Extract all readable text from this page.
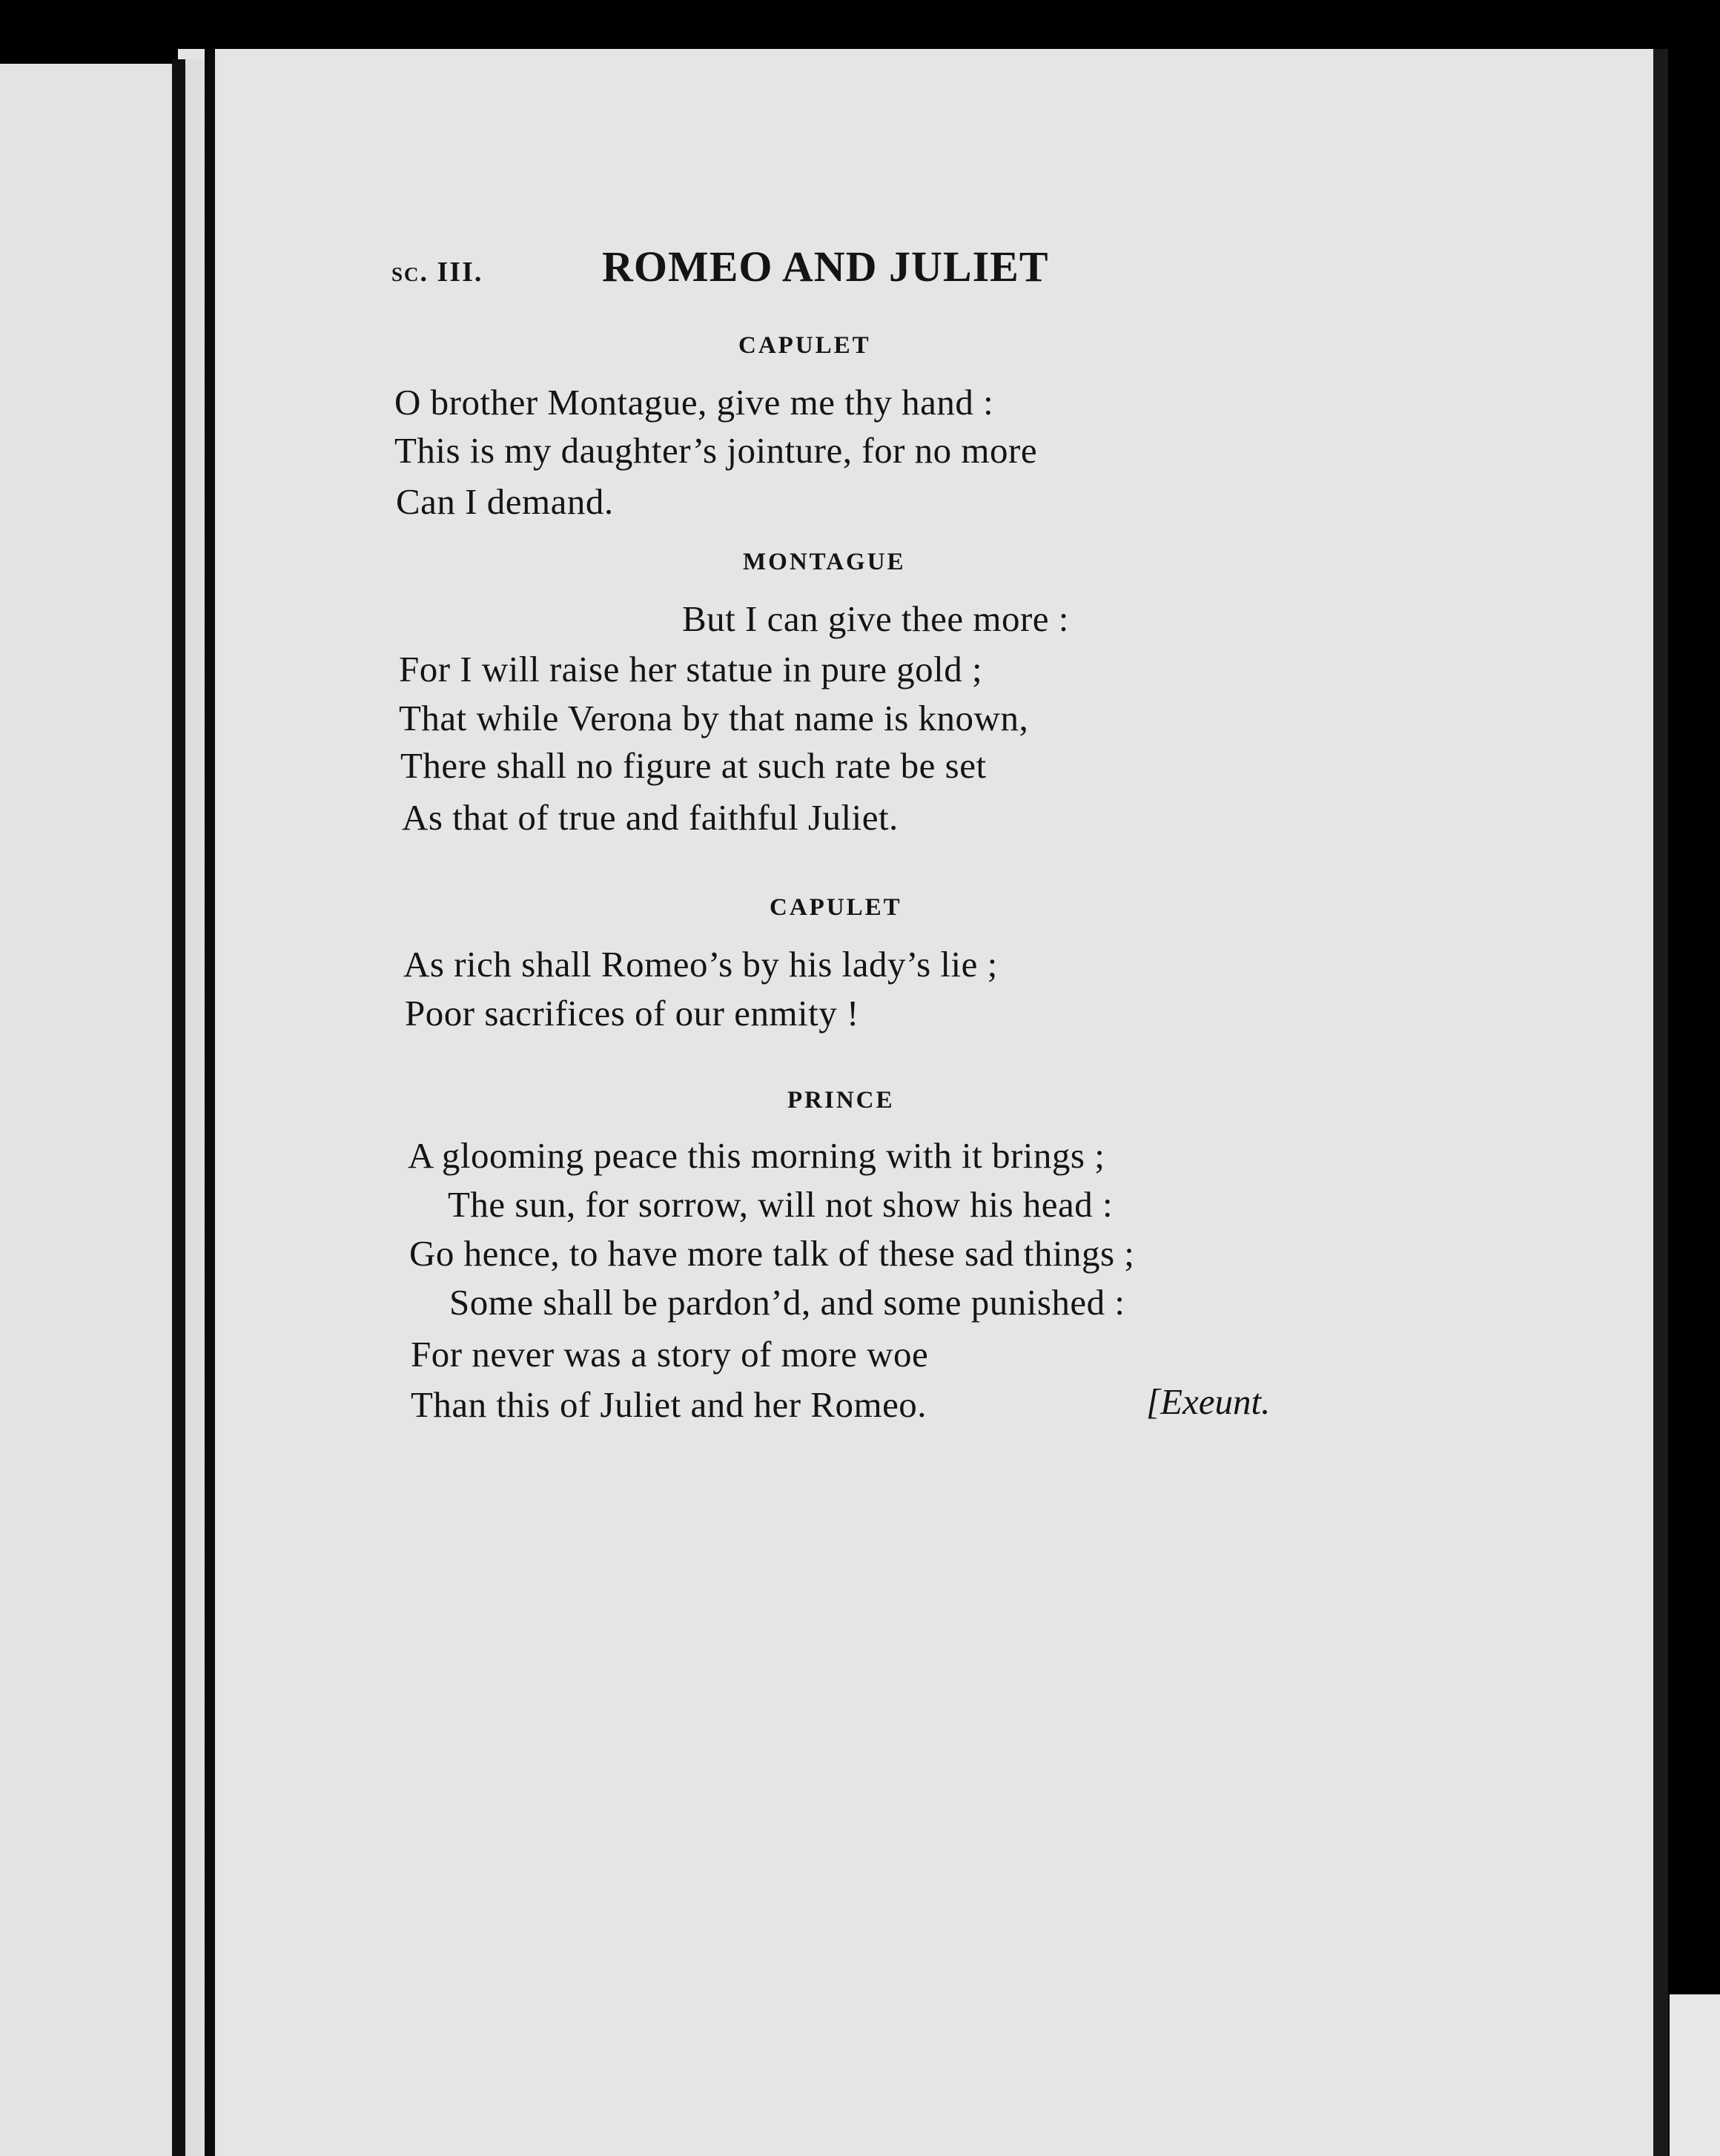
sc. III.	ROMEO AND JULIET
CAPULET
O brother Montague, give me thy hand :
This is my daughter’s jointure, for no more
Can I demand.
MONTAGUE
But I can give thee more :
For I will raise her statue in pure gold ;
That while Verona by that name is known,
There shall no figure at such rate be set
As that of true and faithful Juliet.
CAPULET
As rich shall Romeo’s by his lady’s lie ;
Poor sacrifices of our enmity !
PRINCE
A glooming peace this morning with it brings ;
The sun, for sorrow, will not show his head :
Go hence, to have more talk of these sad things ;
Some shall be pardon’d, and some punished :
For never was a story of more woe
Than this of Juliet and her Romeo.	[Exeunt.
